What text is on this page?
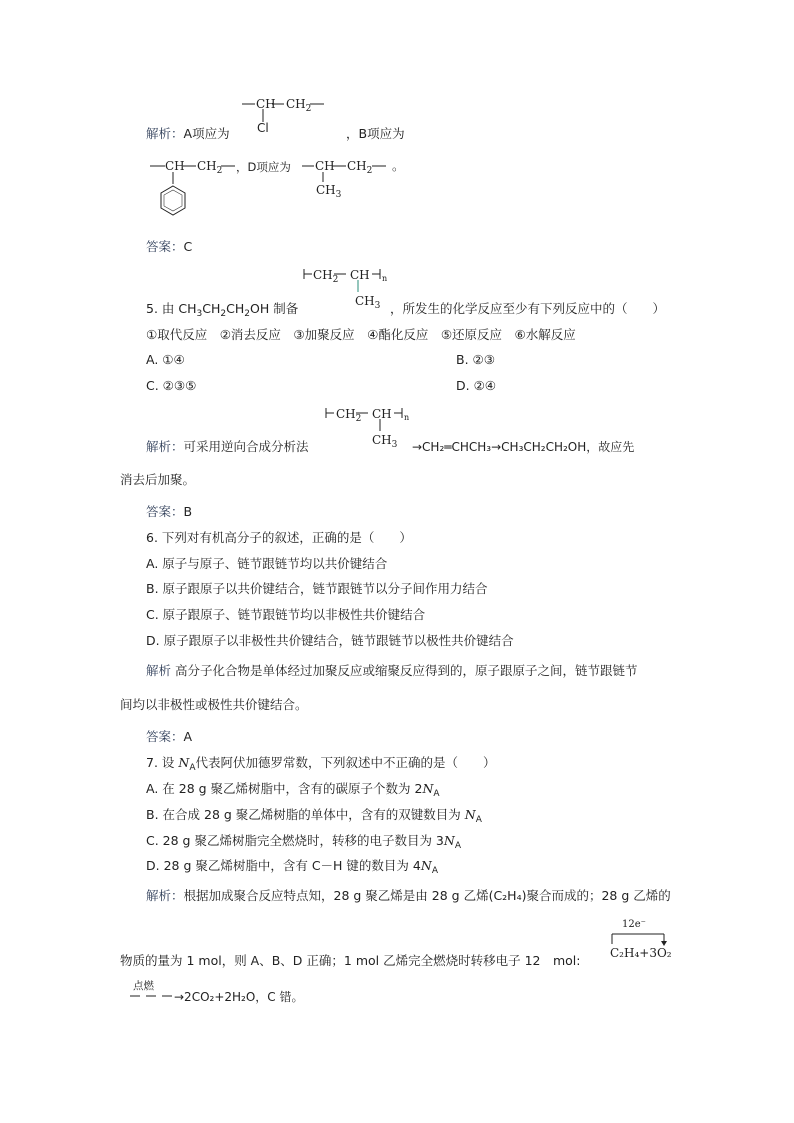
CH $CH_2$
Cl
解析：A项应为	，B项应为
CH $CH_2$ ，D项应为 CH $CH_2$
$CH_3$
。
答案：C
$CH_2$ CH n
$CH_3$
5. 由 $CH_3CH_2CH_2OH$ 制备	，所发生的化学反应至少有下列反应中的（　　）
①取代反应　②消去反应　③加聚反应　④酯化反应　⑤还原反应　⑥水解反应
A. ①④	B. ②③
C. ②③⑤	D. ②④
$CH_2$ CH n
$CH_3$
解析：可采用逆向合成分析法	→CH₂═CHCH₃→CH₃CH₂CH₂OH，故应先
消去后加聚。
答案：B
6. 下列对有机高分子的叙述，正确的是（　　）
A. 原子与原子、链节跟链节均以共价键结合
B. 原子跟原子以共价键结合，链节跟链节以分子间作用力结合
C. 原子跟原子、链节跟链节均以非极性共价键结合
D. 原子跟原子以非极性共价键结合，链节跟链节以极性共价键结合
解析 高分子化合物是单体经过加聚反应或缩聚反应得到的，原子跟原子之间，链节跟链节
间均以非极性或极性共价键结合。
答案：A
7. 设 $N_A$代表阿伏加德罗常数，下列叙述中不正确的是（　　）
A. 在 28 g 聚乙烯树脂中，含有的碳原子个数为 $2N_A$
B. 在合成 28 g 聚乙烯树脂的单体中，含有的双键数目为 $N_A$
C. 28 g 聚乙烯树脂完全燃烧时，转移的电子数目为 $3N_A$
D. 28 g 聚乙烯树脂中，含有 C－H 键的数目为 $4N_A$
解析：根据加成聚合反应特点知，28 g 聚乙烯是由 28 g 乙烯(C₂H₄)聚合而成的；28 g 乙烯的
12e⁻
物质的量为 1 mol，则 A、B、D 正确；1 mol 乙烯完全燃烧时转移电子 12　mol: C₂H₄+3O₂
点燃
→2CO₂+2H₂O，C 错。
